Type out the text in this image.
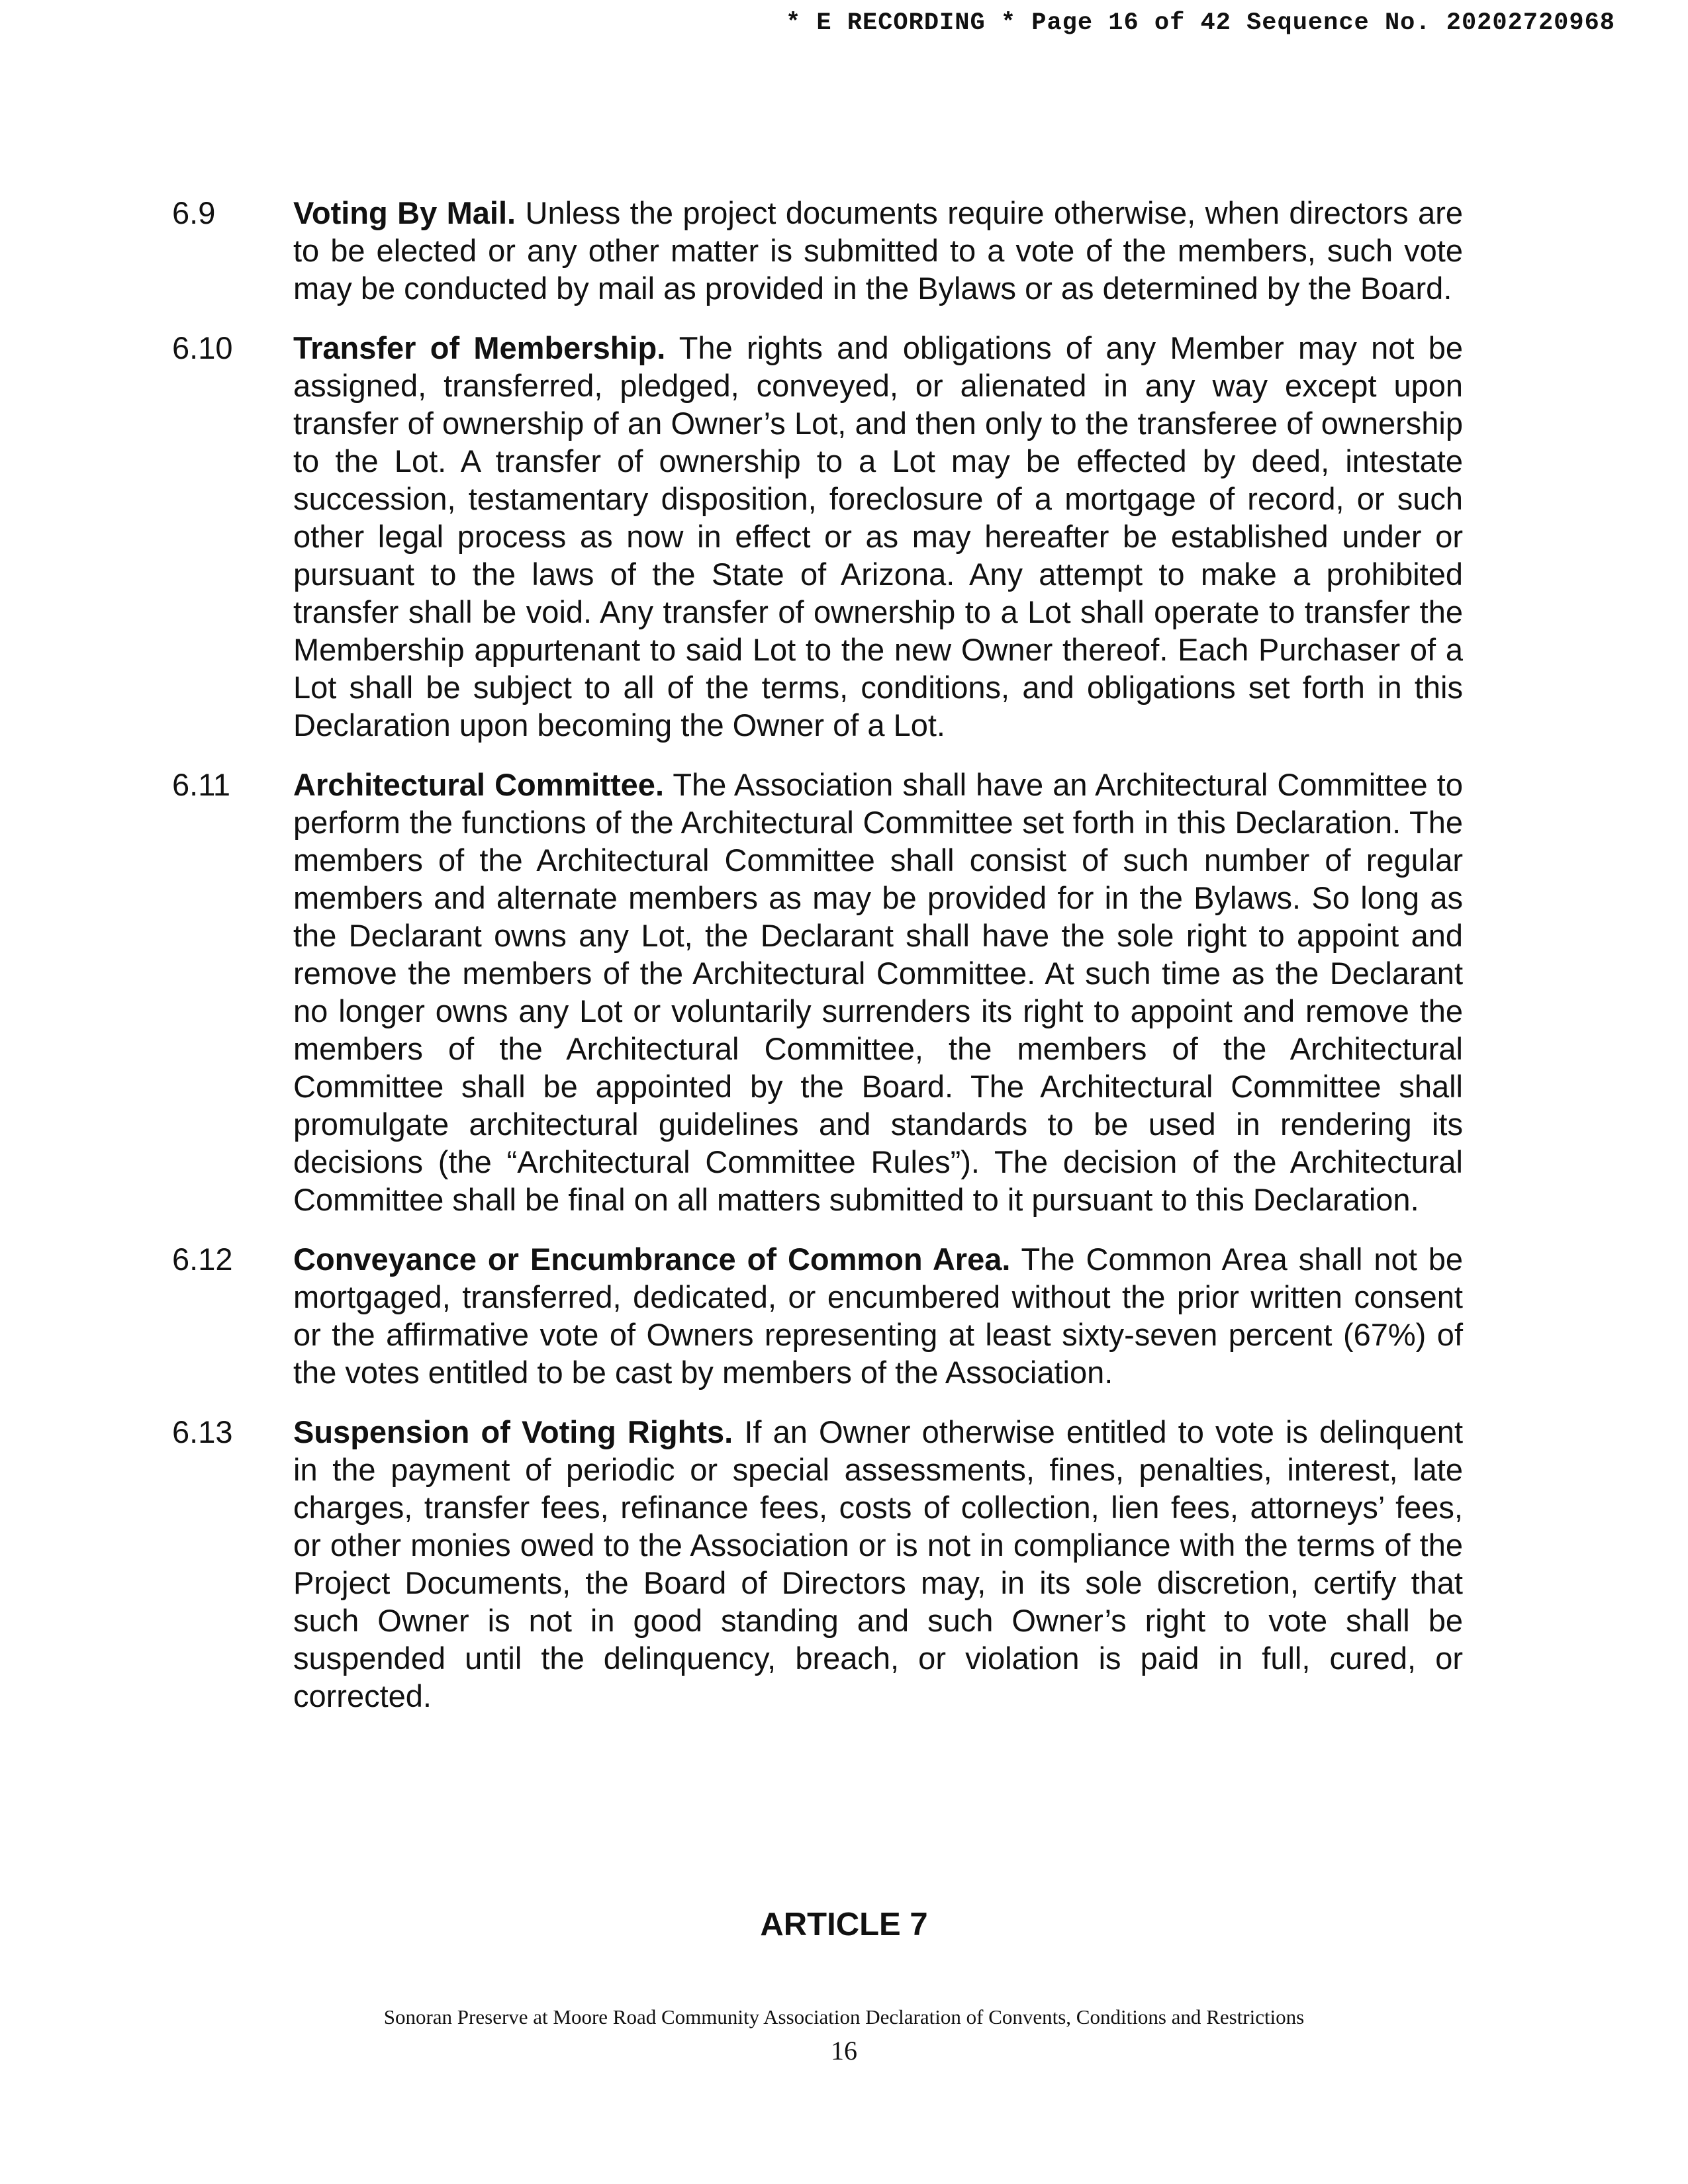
* E RECORDING * Page 16 of 42 Sequence No. 20202720968
6.9	Voting By Mail. Unless the project documents require otherwise, when directors are to be elected or any other matter is submitted to a vote of the members, such vote may be conducted by mail as provided in the Bylaws or as determined by the Board.
6.10	Transfer of Membership. The rights and obligations of any Member may not be assigned, transferred, pledged, conveyed, or alienated in any way except upon transfer of ownership of an Owner’s Lot, and then only to the transferee of ownership to the Lot. A transfer of ownership to a Lot may be effected by deed, intestate succession, testamentary disposition, foreclosure of a mortgage of record, or such other legal process as now in effect or as may hereafter be established under or pursuant to the laws of the State of Arizona. Any attempt to make a prohibited transfer shall be void. Any transfer of ownership to a Lot shall operate to transfer the Membership appurtenant to said Lot to the new Owner thereof. Each Purchaser of a Lot shall be subject to all of the terms, conditions, and obligations set forth in this Declaration upon becoming the Owner of a Lot.
6.11	Architectural Committee. The Association shall have an Architectural Committee to perform the functions of the Architectural Committee set forth in this Declaration. The members of the Architectural Committee shall consist of such number of regular members and alternate members as may be provided for in the Bylaws. So long as the Declarant owns any Lot, the Declarant shall have the sole right to appoint and remove the members of the Architectural Committee. At such time as the Declarant no longer owns any Lot or voluntarily surrenders its right to appoint and remove the members of the Architectural Committee, the members of the Architectural Committee shall be appointed by the Board. The Architectural Committee shall promulgate architectural guidelines and standards to be used in rendering its decisions (the “Architectural Committee Rules”). The decision of the Architectural Committee shall be final on all matters submitted to it pursuant to this Declaration.
6.12	Conveyance or Encumbrance of Common Area. The Common Area shall not be mortgaged, transferred, dedicated, or encumbered without the prior written consent or the affirmative vote of Owners representing at least sixty-seven percent (67%) of the votes entitled to be cast by members of the Association.
6.13	Suspension of Voting Rights. If an Owner otherwise entitled to vote is delinquent in the payment of periodic or special assessments, fines, penalties, interest, late charges, transfer fees, refinance fees, costs of collection, lien fees, attorneys’ fees, or other monies owed to the Association or is not in compliance with the terms of the Project Documents, the Board of Directors may, in its sole discretion, certify that such Owner is not in good standing and such Owner’s right to vote shall be suspended until the delinquency, breach, or violation is paid in full, cured, or corrected.
ARTICLE 7
Sonoran Preserve at Moore Road Community Association Declaration of Convents, Conditions and Restrictions
16
